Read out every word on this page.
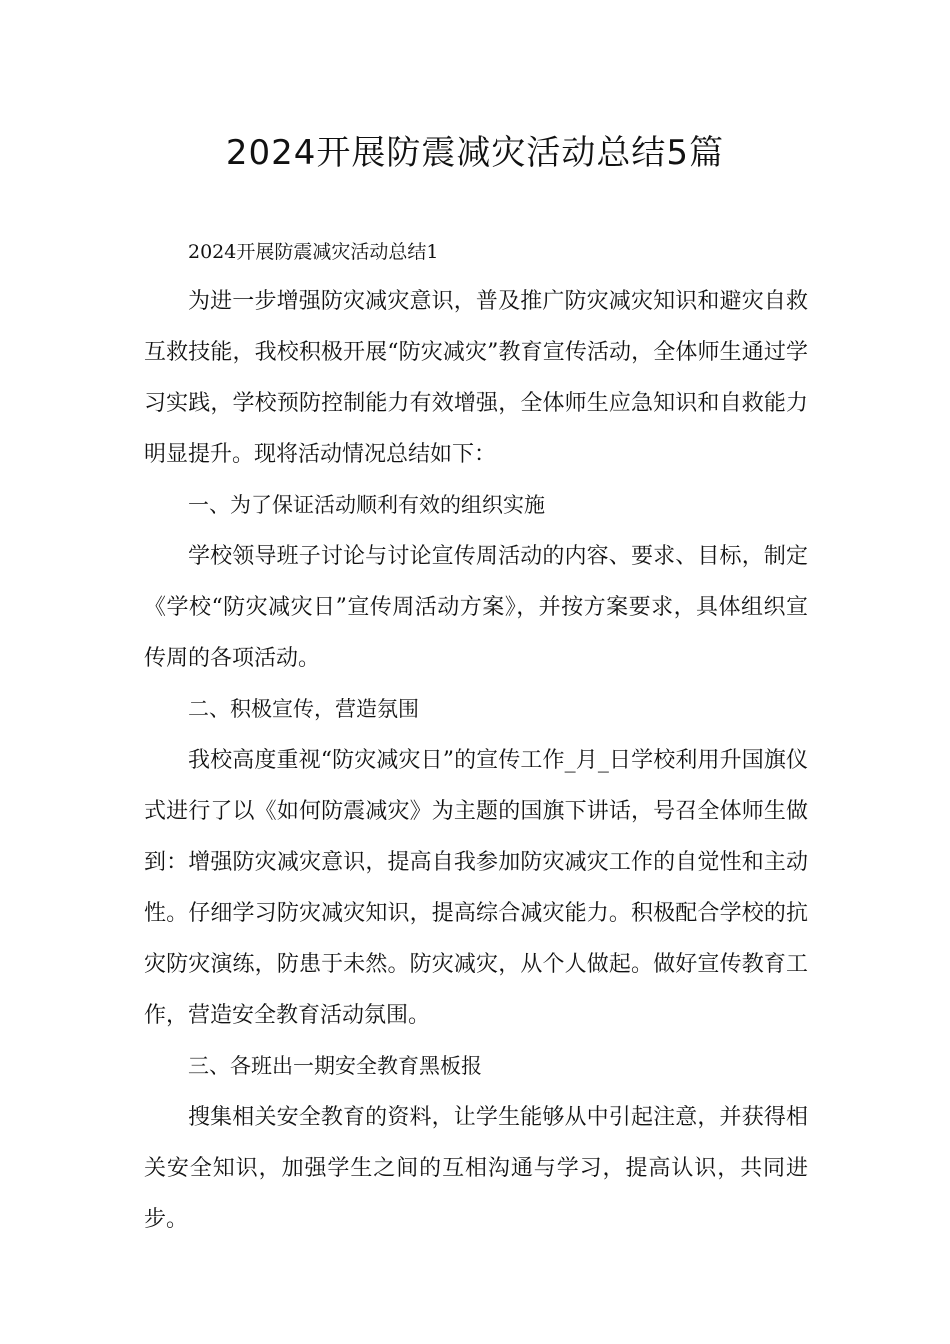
2024开展防震减灾活动总结5篇

2024开展防震减灾活动总结1

为进一步增强防灾减灾意识，普及推广防灾减灾知识和避灾自救互救技能，我校积极开展“防灾减灾”教育宣传活动，全体师生通过学习实践，学校预防控制能力有效增强，全体师生应急知识和自救能力明显提升。现将活动情况总结如下：

一、为了保证活动顺利有效的组织实施

学校领导班子讨论与讨论宣传周活动的内容、要求、目标，制定《学校“防灾减灾日”宣传周活动方案》，并按方案要求，具体组织宣传周的各项活动。

二、积极宣传，营造氛围

我校高度重视“防灾减灾日”的宣传工作_月_日学校利用升国旗仪式进行了以《如何防震减灾》为主题的国旗下讲话，号召全体师生做到：增强防灾减灾意识，提高自我参加防灾减灾工作的自觉性和主动性。仔细学习防灾减灾知识，提高综合减灾能力。积极配合学校的抗灾防灾演练，防患于未然。防灾减灾，从个人做起。做好宣传教育工作，营造安全教育活动氛围。

三、各班出一期安全教育黑板报

搜集相关安全教育的资料，让学生能够从中引起注意，并获得相关安全知识，加强学生之间的互相沟通与学习，提高认识，共同进步。
